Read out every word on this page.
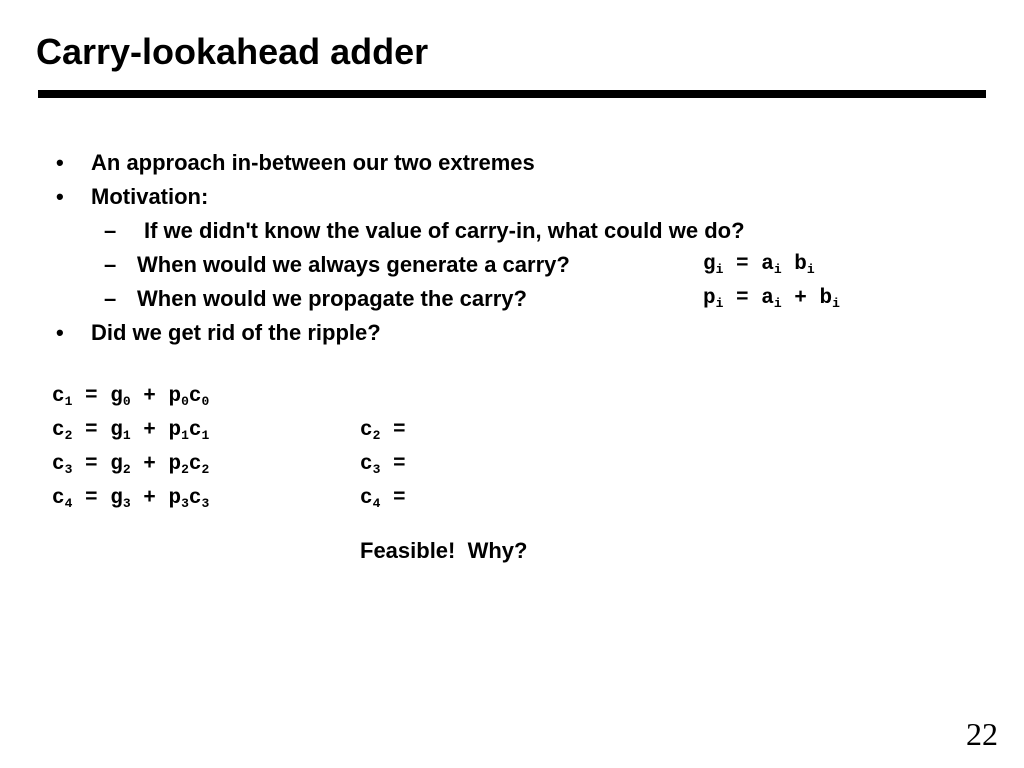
Carry-lookahead adder
• An approach in-between our two extremes
• Motivation:
– If we didn't know the value of carry-in, what could we do?
– When would we always generate a carry?	$g_i = a_i$ $b_i$
– When would we propagate the carry?	$p_i = a_i + b_i$
• Did we get rid of the ripple?
$c_1 = g_0 + p_0c_0$
$c_2 = g_1 + p_1c_1$
$c_3 = g_2 + p_2c_2$
$c_4 = g_3 + p_3c_3$
$c_2$ =
$c_3$ =
$c_4$ =
Feasible!  Why?
22
